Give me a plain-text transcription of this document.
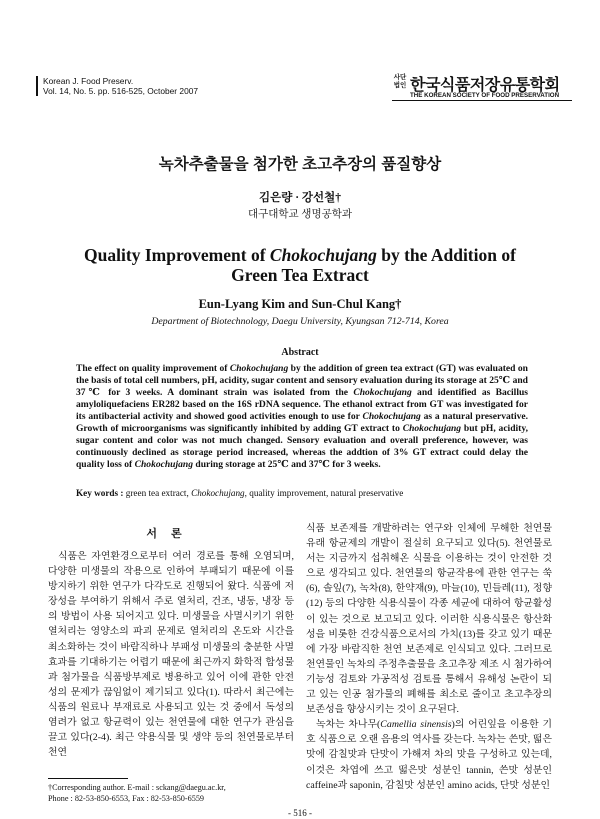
Korean J. Food Preserv.
Vol. 14, No. 5. pp. 516-525, October 2007
사단법인 한국식품저장유통학회
THE KOREAN SOCIETY OF FOOD PRESERVATION
녹차추출물을 첨가한 초고추장의 품질향상
김은량 · 강선철†
대구대학교 생명공학과
Quality Improvement of Chokochujang by the Addition of
Green Tea Extract
Eun-Lyang Kim and Sun-Chul Kang†
Department of Biotechnology, Daegu University, Kyungsan 712-714, Korea
Abstract

The effect on quality improvement of Chokochujang by the addition of green tea extract (GT) was evaluated on the basis of total cell numbers, pH, acidity, sugar content and sensory evaluation during its storage at 25℃ and 37℃ for 3 weeks. A dominant strain was isolated from the Chokochujang and identified as Bacillus amyloliquefaciens ER282 based on the 16S rDNA sequence. The ethanol extract from GT was investigated for its antibacterial activity and showed good activities enough to use for Chokochujang as a natural preservative. Growth of microorganisms was significantly inhibited by adding GT extract to Chokochujang but pH, acidity, sugar content and color was not much changed. Sensory evaluation and overall preference, however, was continuously declined as storage period increased, whereas the addtion of 3% GT extract could delay the quality loss of Chokochujang during storage at 25℃ and 37℃ for 3 weeks.

Key words : green tea extract, Chokochujang, quality improvement, natural preservative
서론

식품은 자연환경으로부터 여러 경로를 통해 오염되며, 다양한 미생물의 작용으로 인하여 부패되기 때문에 이를 방지하기 위한 연구가 다각도로 진행되어 왔다. 식품에 저장성을 부여하기 위해서 주로 열처리, 건조, 냉동, 냉장 등의 방법이 사용 되어지고 있다. 미생물을 사멸시키기 위한 열처리는 영양소의 파괴 문제로 열처리의 온도와 시간을 최소화하는 것이 바람직하나 부패성 미생물의 충분한 사멸 효과를 기대하기는 어렵기 때문에 최근까지 화학적 합성물과 첨가물을 식품방부제로 병용하고 있어 이에 관한 안전성의 문제가 끊임없이 제기되고 있다(1). 따라서 최근에는 식품의 원료나 부재료로 사용되고 있는 것 중에서 독성의 염려가 없고 항균력이 있는 천연물에 대한 연구가 관심을 끌고 있다(2-4). 최근 약용식물 및 생약 등의 천연물로부터 천연

식품 보존제를 개발하려는 연구와 인체에 무해한 천연물 유래 항균제의 개발이 절실히 요구되고 있다(5). 천연물로서는 지금까지 섭취해온 식물을 이용하는 것이 안전한 것으로 생각되고 있다. 천연물의 항균작용에 관한 연구는 쑥(6), 솔잎(7), 녹차(8), 한약재(9), 마늘(10), 민들레(11), 정향(12) 등의 다양한 식용식물이 각종 세균에 대하여 항균활성이 있는 것으로 보고되고 있다. 이러한 식용식물은 항산화성을 비롯한 건강식품으로서의 가치(13)를 갖고 있기 때문에 가장 바람직한 천연 보존제로 인식되고 있다. 그러므로 천연물인 녹차의 주정추출물을 초고추장 제조 시 첨가하여 기능성 검토와 가공적성 검토를 통해서 유해성 논란이 되고 있는 인공 첨가물의 폐해를 최소로 줄이고 초고추장의 보존성을 향상시키는 것이 요구된다.

녹차는 차나무(Camellia sinensis)의 어린잎을 이용한 기호 식품으로 오랜 음용의 역사를 갖는다. 녹차는 쓴맛, 떫은맛에 감칠맛과 단맛이 가해져 차의 맛을 구성하고 있는데, 이것은 차엽에 쓰고 떫은맛 성분인 tannin, 쓴맛 성분인 caffeine과 saponin, 감칠맛 성분인 amino acids, 단맛 성분인

†Corresponding author. E-mail : sckang@daegu.ac.kr,
Phone : 82-53-850-6553, Fax : 82-53-850-6559
- 516 -
